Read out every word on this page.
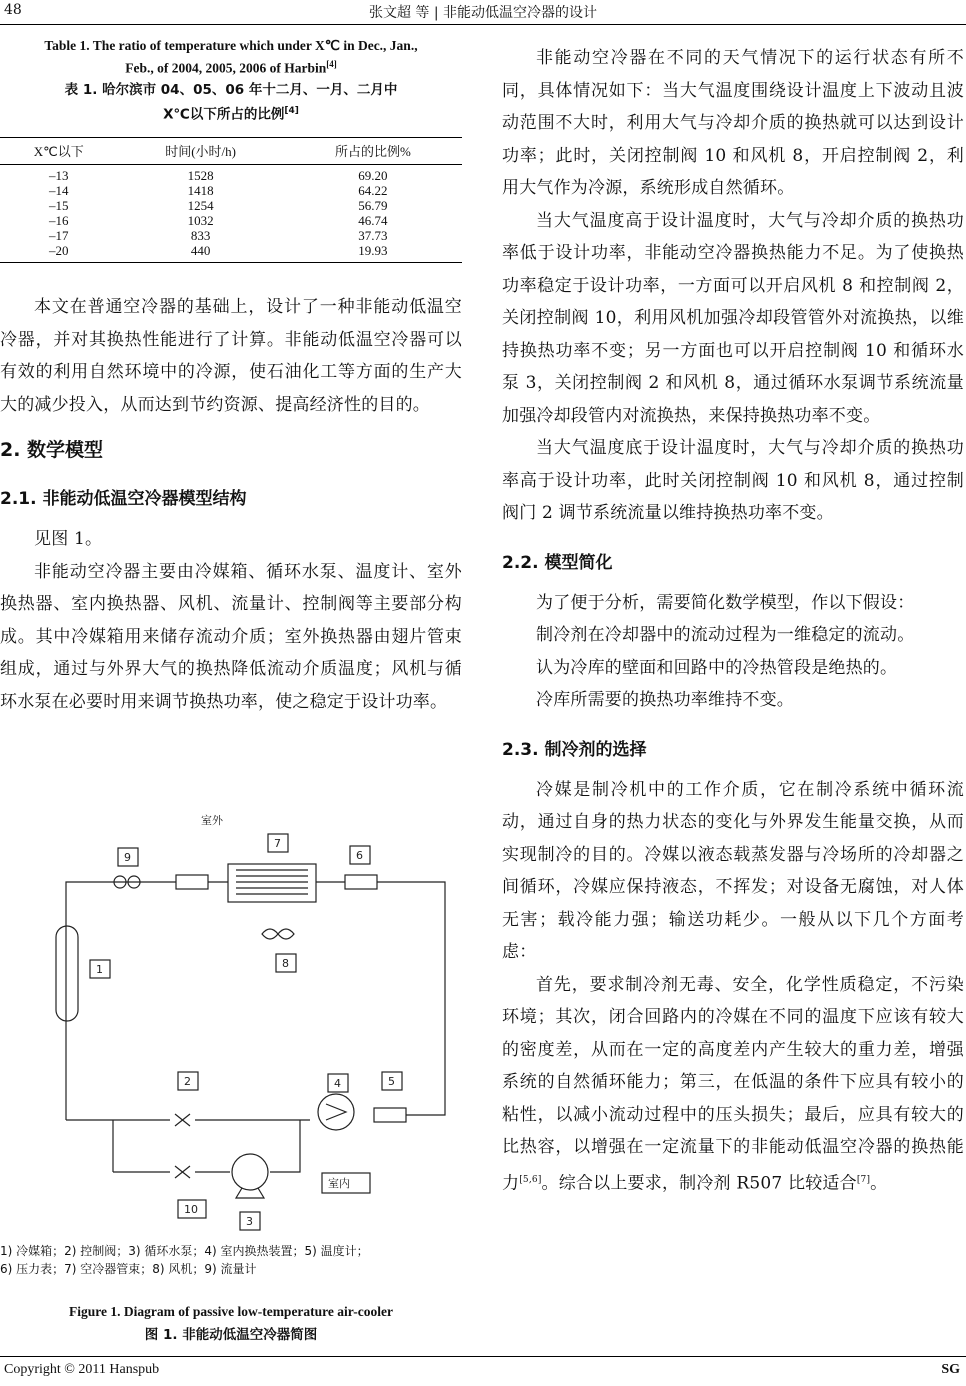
48	张文超 等 | 非能动低温空冷器的设计
Table 1. The ratio of temperature which under X℃ in Dec., Jan.,
Feb., of 2004, 2005, 2006 of Harbin[4]
表 1. 哈尔滨市 04、05、06 年十二月、一月、二月中
X℃以下所占的比例[4]
X℃以下	时间(小时/h)	所占的比例%
–13	1528	69.20
–14	1418	64.22
–15	1254	56.79
–16	1032	46.74
–17	833	37.73
–20	440	19.93

本文在普通空冷器的基础上，设计了一种非能动低温空冷器，并对其换热性能进行了计算。非能动低温空冷器可以有效的利用自然环境中的冷源，使石油化工等方面的生产大大的减少投入，从而达到节约资源、提高经济性的目的。

2. 数学模型
2.1. 非能动低温空冷器模型结构

见图 1。

非能动空冷器主要由冷媒箱、循环水泵、温度计、室外换热器、室内换热器、风机、流量计、控制阀等主要部分构成。其中冷媒箱用来储存流动介质；室外换热器由翅片管束组成，通过与外界大气的换热降低流动介质温度；风机与循环水泵在必要时用来调节换热功率，使之稳定于设计功率。

室外
室内
9
7
6
1	8
2	4	5
10
3
1) 冷媒箱；2) 控制阀；3) 循环水泵；4) 室内换热装置；5) 温度计；
6) 压力表；7) 空冷器管束；8) 风机；9) 流量计
Figure 1. Diagram of passive low-temperature air-cooler
图 1. 非能动低温空冷器简图

非能动空冷器在不同的天气情况下的运行状态有所不同，具体情况如下：当大气温度围绕设计温度上下波动且波动范围不大时，利用大气与冷却介质的换热就可以达到设计功率；此时，关闭控制阀 10 和风机 8，开启控制阀 2，利用大气作为冷源，系统形成自然循环。

当大气温度高于设计温度时，大气与冷却介质的换热功率低于设计功率，非能动空冷器换热能力不足。为了使换热功率稳定于设计功率，一方面可以开启风机 8 和控制阀 2，关闭控制阀 10，利用风机加强冷却段管管外对流换热，以维持换热功率不变；另一方面也可以开启控制阀 10 和循环水泵 3，关闭控制阀 2 和风机 8，通过循环水泵调节系统流量加强冷却段管内对流换热，来保持换热功率不变。

当大气温度底于设计温度时，大气与冷却介质的换热功率高于设计功率，此时关闭控制阀 10 和风机 8，通过控制阀门 2 调节系统流量以维持换热功率不变。

2.2. 模型简化

为了便于分析，需要简化数学模型，作以下假设：

制冷剂在冷却器中的流动过程为一维稳定的流动。

认为冷库的壁面和回路中的冷热管段是绝热的。

冷库所需要的换热功率维持不变。

2.3. 制冷剂的选择

冷媒是制冷机中的工作介质，它在制冷系统中循环流动，通过自身的热力状态的变化与外界发生能量交换，从而实现制冷的目的。冷媒以液态载蒸发器与冷场所的冷却器之间循环，冷媒应保持液态，不挥发；对设备无腐蚀，对人体无害；载冷能力强；输送功耗少。一般从以下几个方面考虑：

首先，要求制冷剂无毒、安全，化学性质稳定，不污染环境；其次，闭合回路内的冷媒在不同的温度下应该有较大的密度差，从而在一定的高度差内产生较大的重力差，增强系统的自然循环能力；第三，在低温的条件下应具有较小的粘性，以减小流动过程中的压头损失；最后，应具有较大的比热容，以增强在一定流量下的非能动低温空冷器的换热能力[5,6]。综合以上要求，制冷剂 R507 比较适合[7]。

Copyright © 2011 Hanspub	SG
